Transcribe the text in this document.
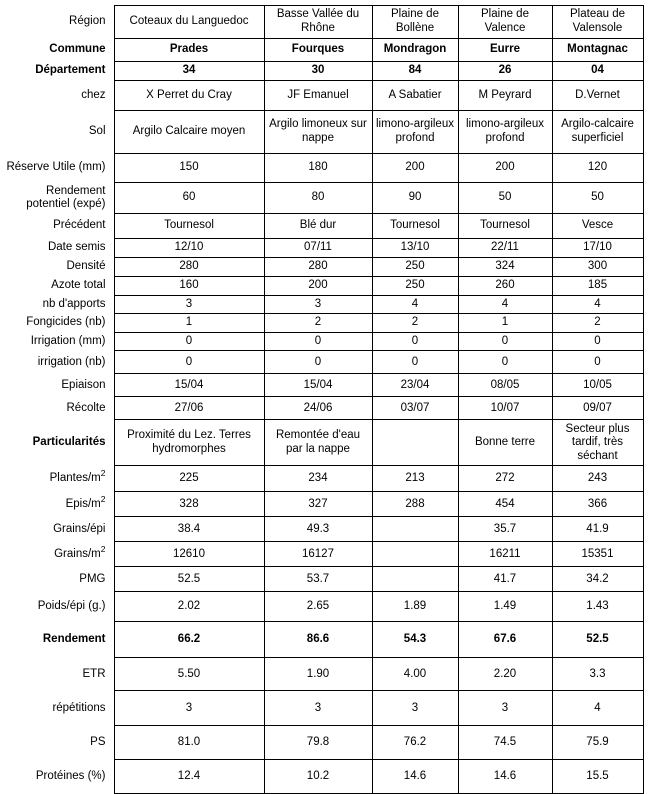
Région	Coteaux du Languedoc	Basse Vallée du Rhône	Plaine de Bollène	Plaine de Valence	Plateau de Valensole
Commune	Prades	Fourques	Mondragon	Eurre	Montagnac
Département	34	30	84	26	04
chez	X Perret du Cray	JF Emanuel	A Sabatier	M Peyrard	D.Vernet
Sol	Argilo Calcaire moyen	Argilo limoneux sur nappe	limono-argileux profond	limono-argileux profond	Argilo-calcaire superficiel
Réserve Utile (mm)	150	180	200	200	120
Rendement potentiel (expé)	60	80	90	50	50
Précédent	Tournesol	Blé dur	Tournesol	Tournesol	Vesce
Date semis	12/10	07/11	13/10	22/11	17/10
Densité	280	280	250	324	300
Azote total	160	200	250	260	185
nb d'apports	3	3	4	4	4
Fongicides (nb)	1	2	2	1	2
Irrigation (mm)	0	0	0	0	0
irrigation (nb)	0	0	0	0	0
Epiaison	15/04	15/04	23/04	08/05	10/05
Récolte	27/06	24/06	03/07	10/07	09/07
Particularités	Proximité du Lez. Terres hydromorphes	Remontée d'eau par la nappe		Bonne terre	Secteur plus tardif, très séchant
Plantes/$m^2$	225	234	213	272	243
Epis/$m^2$	328	327	288	454	366
Grains/épi	38.4	49.3		35.7	41.9
Grains/$m^2$	12610	16127		16211	15351
PMG	52.5	53.7		41.7	34.2
Poids/épi (g.)	2.02	2.65	1.89	1.49	1.43
Rendement	66.2	86.6	54.3	67.6	52.5
ETR	5.50	1.90	4.00	2.20	3.3
répétitions	3	3	3	3	4
PS	81.0	79.8	76.2	74.5	75.9
Protéines (%)	12.4	10.2	14.6	14.6	15.5
